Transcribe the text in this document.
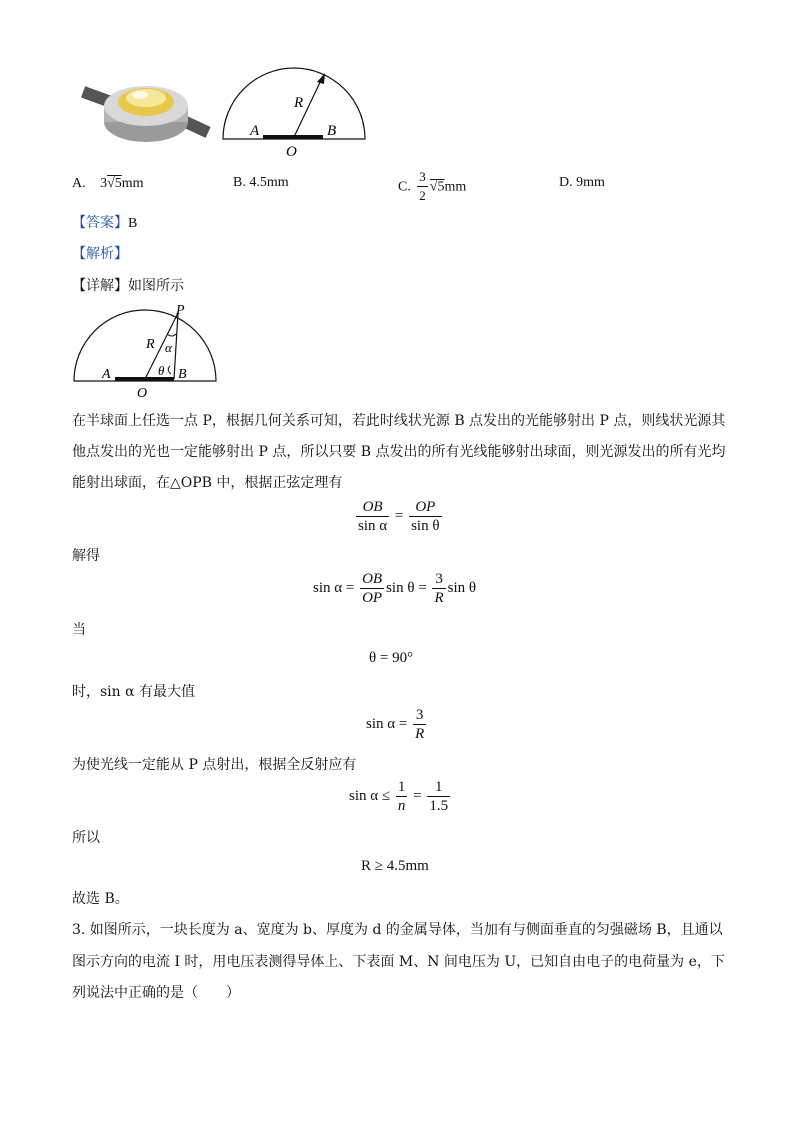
R
A	B
O
A. 3√5mm	B. 4.5mm	C. $\frac{3}{2} √5mm$	D. 9mm
【答案】B
【解析】
【详解】如图所示
P
R α
θ
A	B
O
在半球面上任选一点 P，根据几何关系可知，若此时线状光源 B 点发出的光能够射出 P 点，则线状光源其
他点发出的光也一定能够射出 P 点，所以只要 B 点发出的所有光线能够射出球面，则光源发出的所有光均
能射出球面，在△OPB 中，根据正弦定理有
$\frac{OB}{\text{sin α}} = \frac{OP}{\text{sin θ}}$
解得
$\sin \alpha = \frac{OB}{OP}$ $\sin \theta = \frac{3}{R}$ sin θ
当
θ = 90°
时，sin α 有最大值
$\sin \alpha = \frac{3}{R}$
为使光线一定能从 P 点射出，根据全反射应有
$\sin \alpha \le \frac{1}{n} = \frac{1}{1.5}$
所以
R ≥ 4.5mm
故选 B。
3. 如图所示，一块长度为 a、宽度为 b、厚度为 d 的金属导体，当加有与侧面垂直的匀强磁场 B，且通以
图示方向的电流 I 时，用电压表测得导体上、下表面 M、N 间电压为 U，已知自由电子的电荷量为 e，下
列说法中正确的是（　　）
